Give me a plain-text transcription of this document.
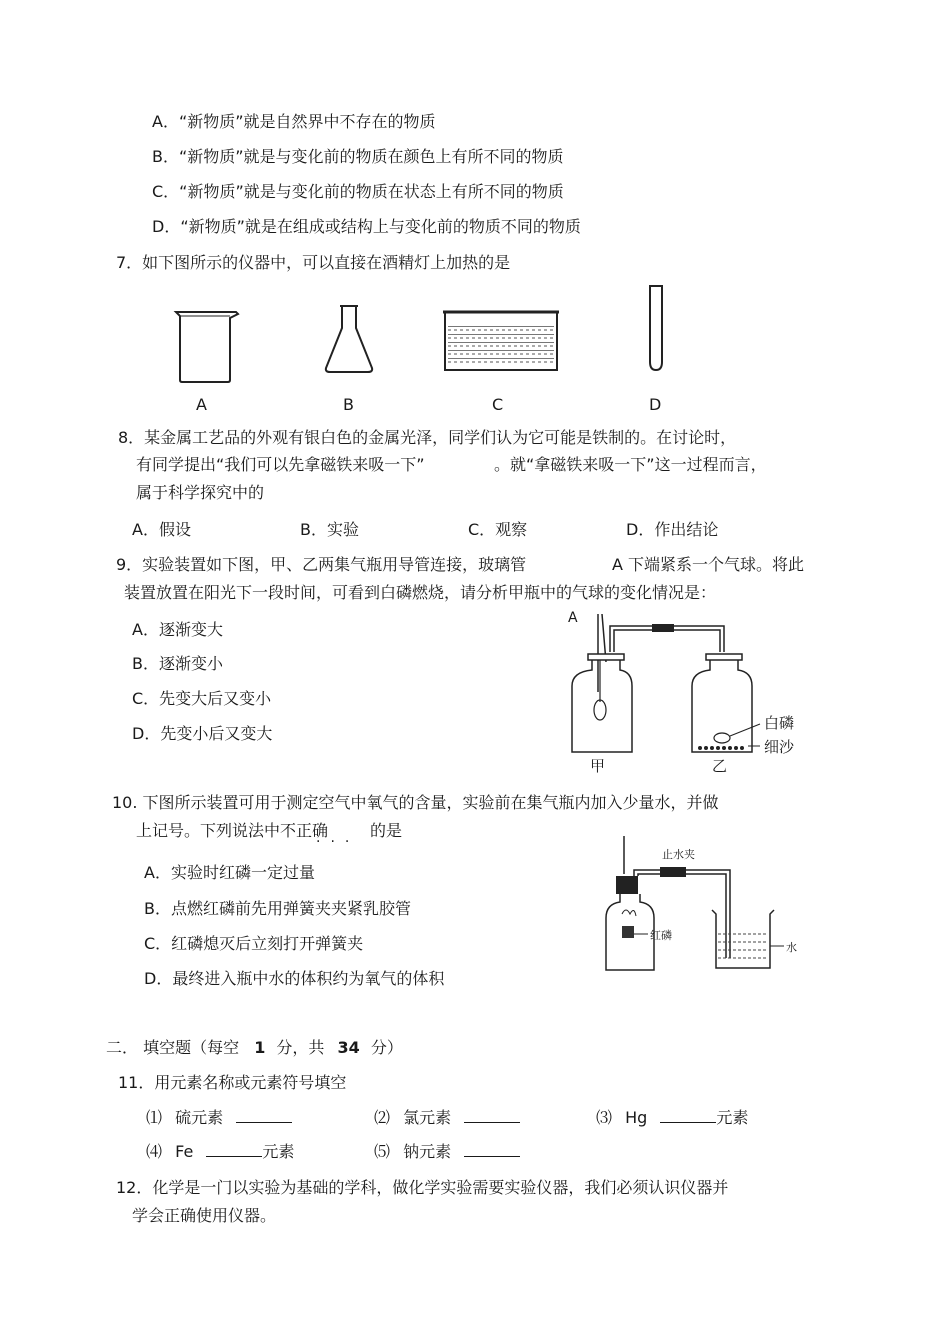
A．“新物质”就是自然界中不存在的物质
B．“新物质”就是与变化前的物质在颜色上有所不同的物质
C．“新物质”就是与变化前的物质在状态上有所不同的物质
D．“新物质”就是在组成或结构上与变化前的物质不同的物质
7．如下图所示的仪器中，可以直接在酒精灯上加热的是
A	B	C	D
8．某金属工艺品的外观有银白色的金属光泽，同学们认为它可能是铁制的。在讨论时，
有同学提出“我们可以先拿磁铁来吸一下”	。就“拿磁铁来吸一下”这一过程而言，
属于科学探究中的
A．假设	B．实验	C．观察	D．作出结论
9．实验装置如下图，甲、乙两集气瓶用导管连接，玻璃管	A 下端紧系一个气球。将此
装置放置在阳光下一段时间，可看到白磷燃烧，请分析甲瓶中的气球的变化情况是：
A．逐渐变大
B．逐渐变小
C．先变大后又变小
D．先变小后又变大
A
白磷
细沙
甲	乙
10. 下图所示装置可用于测定空气中氧气的含量，实验前在集气瓶内加入少量水，并做
上记号。下列说法中不正确	的是
···
A．实验时红磷一定过量
B．点燃红磷前先用弹簧夹夹紧乳胶管
C．红磷熄灭后立刻打开弹簧夹
D．最终进入瓶中水的体积约为氧气的体积
止水夹
红磷
水
二． 填空题（每空 1 分，共 34 分）
11．用元素名称或元素符号填空
⑴ 硫元素	⑵ 氯元素	⑶ Hg	元素
⑷ Fe	元素	⑸ 钠元素
12．化学是一门以实验为基础的学科，做化学实验需要实验仪器，我们必须认识仪器并
学会正确使用仪器。
